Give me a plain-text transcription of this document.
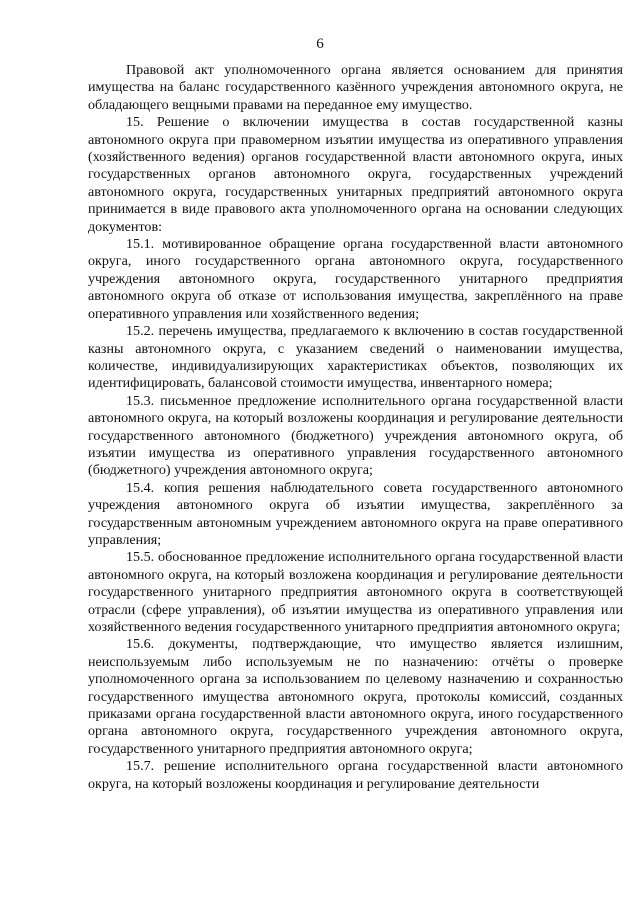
6

Правовой акт уполномоченного органа является основанием для принятия имущества на баланс государственного казённого учреждения автономного округа, не обладающего вещными правами на переданное ему имущество.

15. Решение о включении имущества в состав государственной казны автономного округа при правомерном изъятии имущества из оперативного управления (хозяйственного ведения) органов государственной власти автономного округа, иных государственных органов автономного округа, государственных учреждений автономного округа, государственных унитарных предприятий автономного округа принимается в виде правового акта уполномоченного органа на основании следующих документов:

15.1. мотивированное обращение органа государственной власти автономного округа, иного государственного органа автономного округа, государственного учреждения автономного округа, государственного унитарного предприятия автономного округа об отказе от использования имущества, закреплённого на праве оперативного управления или хозяйственного ведения;

15.2. перечень имущества, предлагаемого к включению в состав государственной казны автономного округа, с указанием сведений о наименовании имущества, количестве, индивидуализирующих характеристиках объектов, позволяющих их идентифицировать, балансовой стоимости имущества, инвентарного номера;

15.3. письменное предложение исполнительного органа государственной власти автономного округа, на который возложены координация и регулирование деятельности государственного автономного (бюджетного) учреждения автономного округа, об изъятии имущества из оперативного управления государственного автономного (бюджетного) учреждения автономного округа;

15.4. копия решения наблюдательного совета государственного автономного учреждения автономного округа об изъятии имущества, закреплённого за государственным автономным учреждением автономного округа на праве оперативного управления;

15.5. обоснованное предложение исполнительного органа государственной власти автономного округа, на который возложена координация и регулирование деятельности государственного унитарного предприятия автономного округа в соответствующей отрасли (сфере управления), об изъятии имущества из оперативного управления или хозяйственного ведения государственного унитарного предприятия автономного округа;

15.6. документы, подтверждающие, что имущество является излишним, неиспользуемым либо используемым не по назначению: отчёты о проверке уполномоченного органа за использованием по целевому назначению и сохранностью государственного имущества автономного округа, протоколы комиссий, созданных приказами органа государственной власти автономного округа, иного государственного органа автономного округа, государственного учреждения автономного округа, государственного унитарного предприятия автономного округа;

15.7. решение исполнительного органа государственной власти автономного округа, на который возложены координация и регулирование деятельности
